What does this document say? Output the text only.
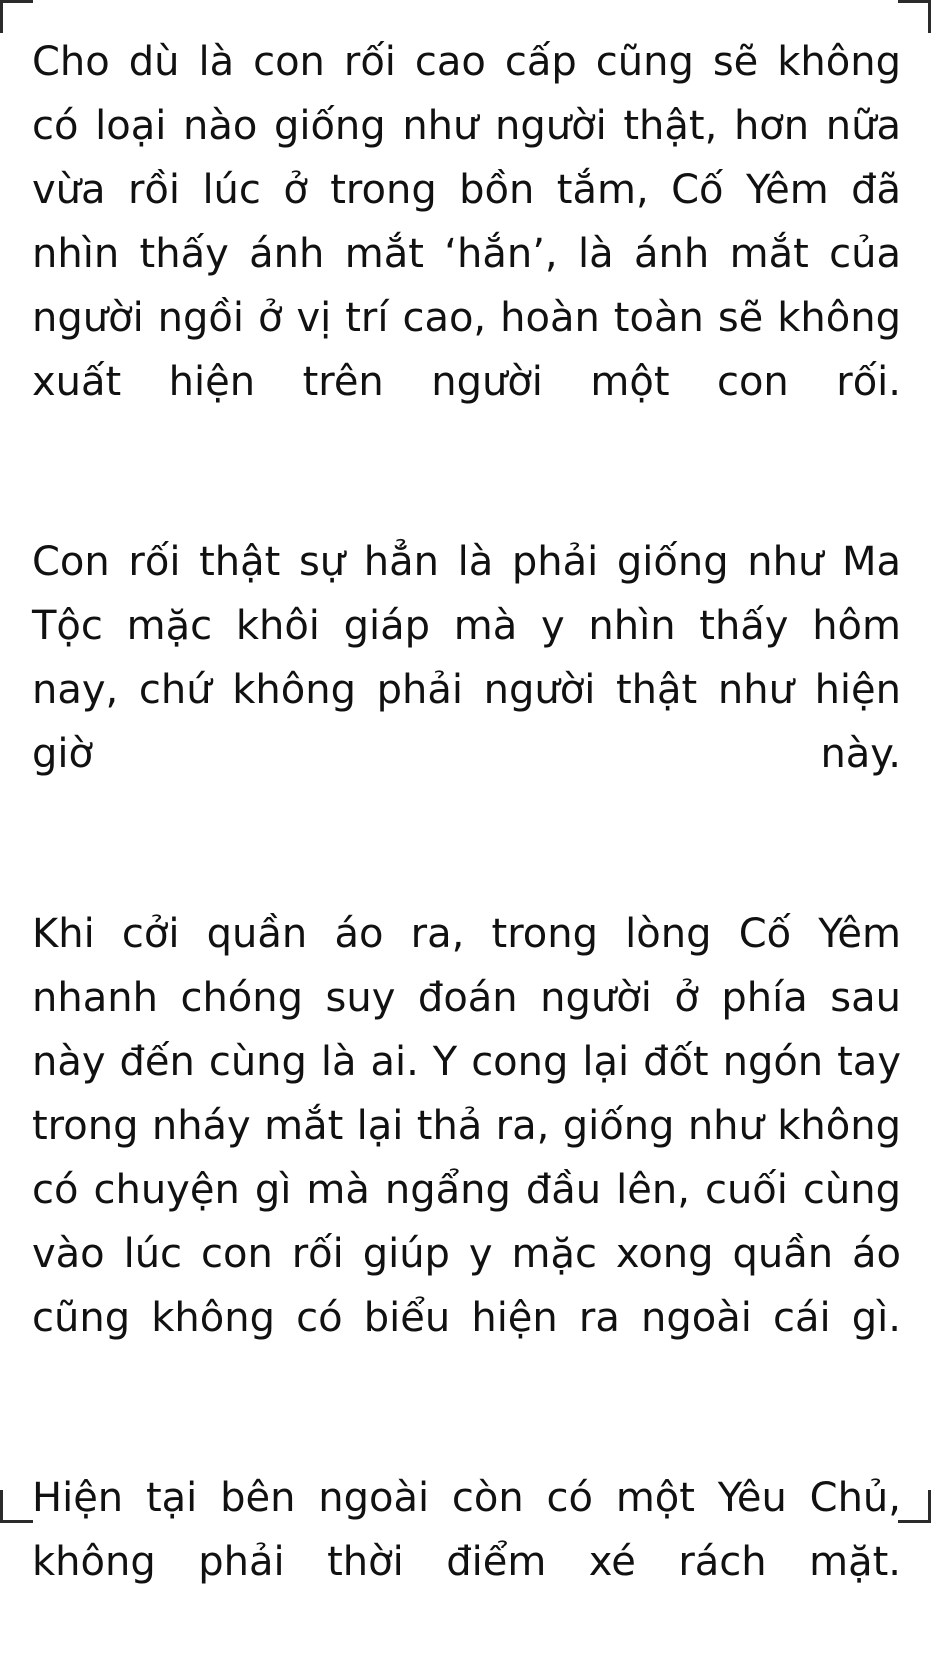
Cho dù là con rối cao cấp cũng sẽ không có loại nào giống như người thật, hơn nữa vừa rồi lúc ở trong bồn tắm, Cố Yêm đã nhìn thấy ánh mắt ‘hắn’, là ánh mắt của người ngồi ở vị trí cao, hoàn toàn sẽ không xuất hiện trên người một con rối.

Con rối thật sự hẳn là phải giống như Ma Tộc mặc khôi giáp mà y nhìn thấy hôm nay, chứ không phải người thật như hiện giờ này.

Khi cởi quần áo ra, trong lòng Cố Yêm nhanh chóng suy đoán người ở phía sau này đến cùng là ai. Y cong lại đốt ngón tay trong nháy mắt lại thả ra, giống như không có chuyện gì mà ngẩng đầu lên, cuối cùng vào lúc con rối giúp y mặc xong quần áo cũng không có biểu hiện ra ngoài cái gì.

Hiện tại bên ngoài còn có một Yêu Chủ, không phải thời điểm xé rách mặt.
